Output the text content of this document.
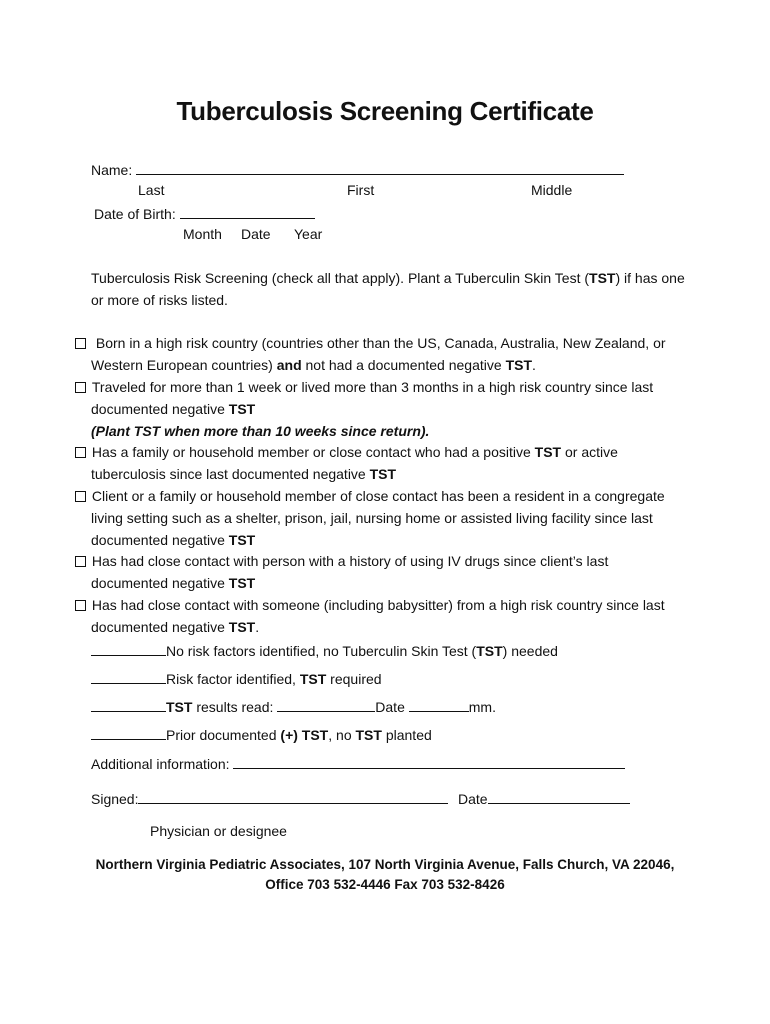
Tuberculosis Screening Certificate
Name:
Last	First	Middle
Date of Birth:
Month Date Year
Tuberculosis Risk Screening (check all that apply). Plant a Tuberculin Skin Test (TST) if has one
or more of risks listed.
Born in a high risk country (countries other than the US, Canada, Australia, New Zealand, or
Western European countries) and not had a documented negative TST.
Traveled for more than 1 week or lived more than 3 months in a high risk country since last
documented negative TST
(Plant TST when more than 10 weeks since return).
Has a family or household member or close contact who had a positive TST or active
tuberculosis since last documented negative TST
Client or a family or household member of close contact has been a resident in a congregate
living setting such as a shelter, prison, jail, nursing home or assisted living facility since last
documented negative TST
Has had close contact with person with a history of using IV drugs since client’s last
documented negative TST
Has had close contact with someone (including babysitter) from a high risk country since last
documented negative TST.
No risk factors identified, no Tuberculin Skin Test (TST) needed
Risk factor identified, TST required
TST results read:	Date	mm.
Prior documented (+) TST, no TST planted
Additional information:
Signed:	Date
Physician or designee
Northern Virginia Pediatric Associates, 107 North Virginia Avenue, Falls Church, VA 22046,
Office 703 532-4446 Fax 703 532-8426
